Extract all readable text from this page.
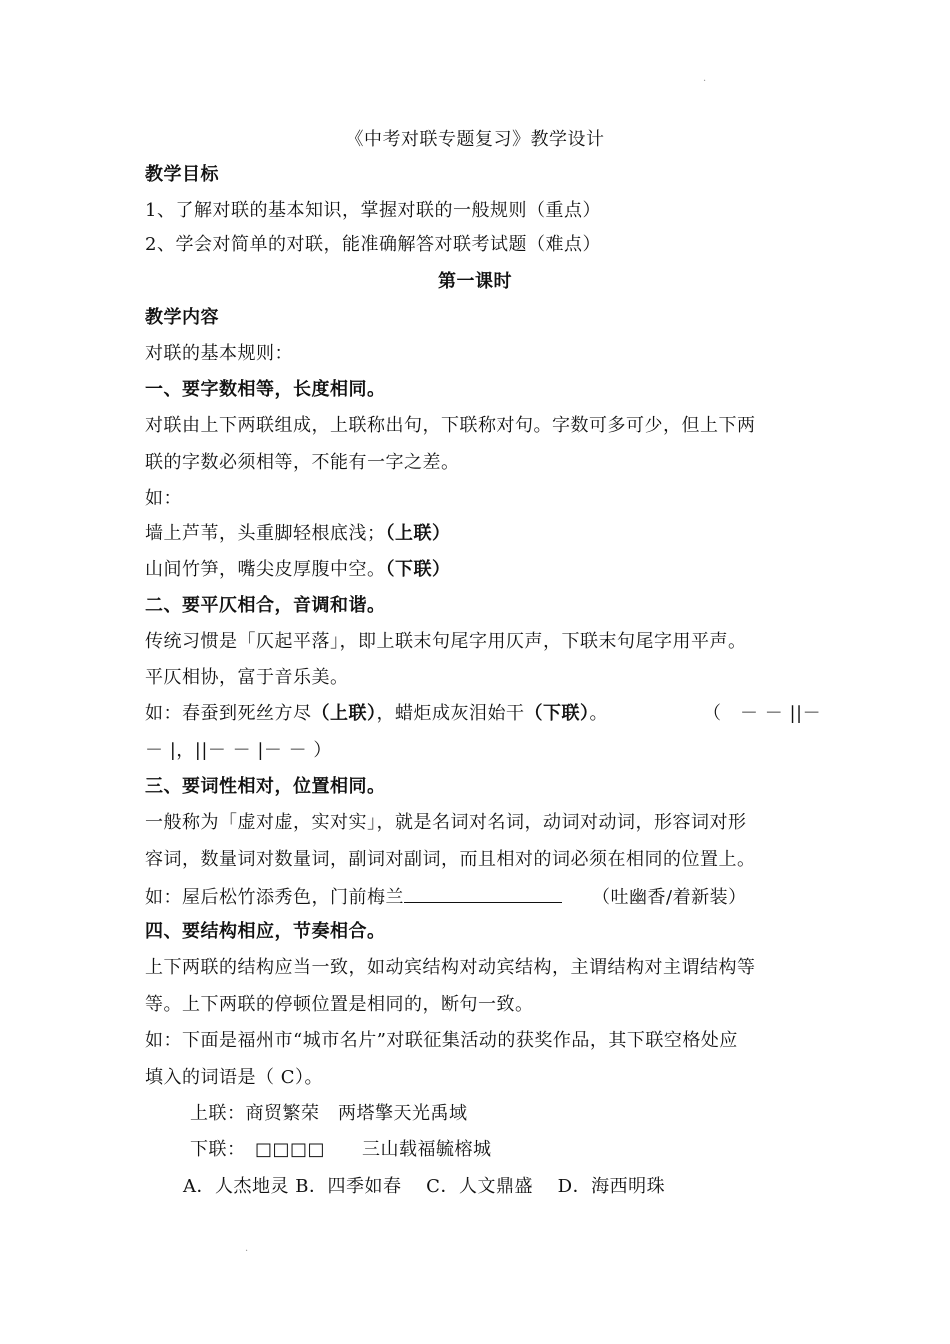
·
《中考对联专题复习》教学设计
教学目标
1、了解对联的基本知识，掌握对联的一般规则（重点）
2、学会对简单的对联，能准确解答对联考试题（难点）
第一课时
教学内容
对联的基本规则：
一、要字数相等，长度相同。
对联由上下两联组成，上联称出句，下联称对句。字数可多可少，但上下两
联的字数必须相等，不能有一字之差。
如：
墙上芦苇，头重脚轻根底浅；（上联）
山间竹笋，嘴尖皮厚腹中空。（下联）
二、要平仄相合，音调和谐。
传统习惯是「仄起平落」，即上联末句尾字用仄声，下联末句尾字用平声。
平仄相协，富于音乐美。
如：春蚕到死丝方尽（上联），蜡炬成灰泪始干（下联）。	（　－ － ||－
－ |，||－ － |－ － ）
三、要词性相对，位置相同。
一般称为「虚对虚，实对实」，就是名词对名词，动词对动词，形容词对形
容词，数量词对数量词，副词对副词，而且相对的词必须在相同的位置上。
如：屋后松竹添秀色，门前梅兰	（吐幽香/着新装）
四、要结构相应，节奏相合。
上下两联的结构应当一致，如动宾结构对动宾结构，主谓结构对主谓结构等
等。上下两联的停顿位置是相同的，断句一致。
如：下面是福州市“城市名片”对联征集活动的获奖作品，其下联空格处应
填入的词语是（ C）。
上联：商贸繁荣　两塔擎天光禹域
下联：　□□□□　　三山载福毓榕城
A．人杰地灵 B．四季如春　 C．人文鼎盛　 D．海西明珠
·
